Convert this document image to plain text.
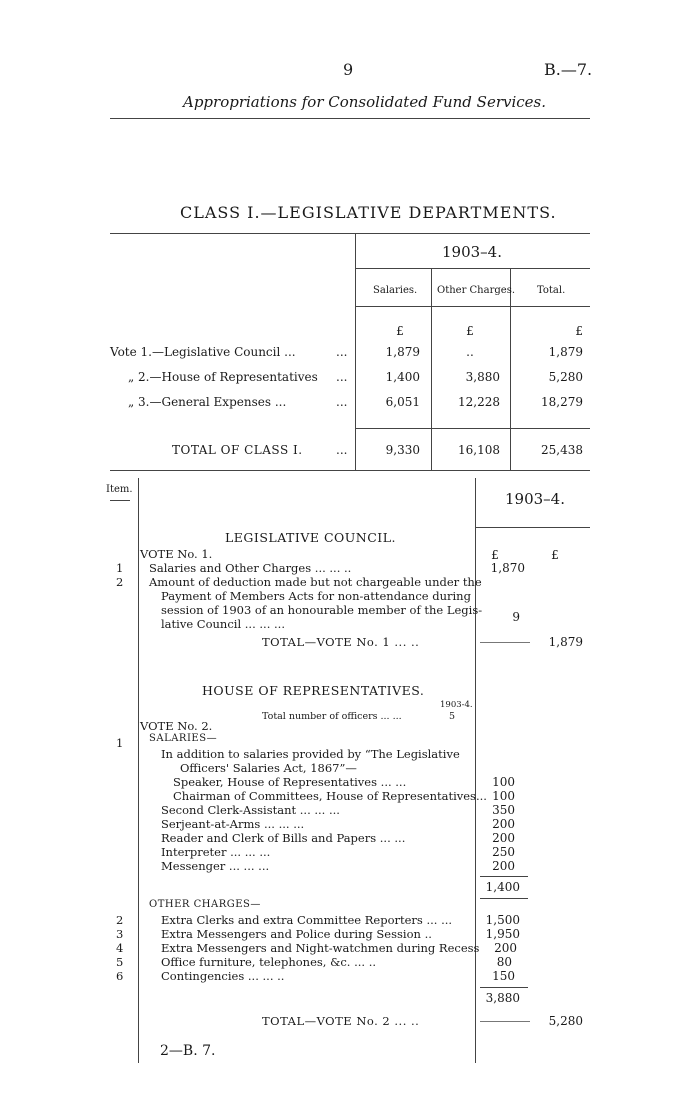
9	B.—7.
Appropriations for Consolidated Fund Services.
CLASS I.—LEGISLATIVE DEPARTMENTS.
1903–4.
Salaries. Other Charges. Total.
£	£	£
Vote 1.—Legislative Council ...	...	1,879	..	1,879
„ 2.—House of Representatives ...	1,400	3,880	5,280
„ 3.—General Expenses ...	...	6,051	12,228	18,279
TOTAL OF CLASS I.	...	9,330	16,108	25,438
Item.
1903–4.
LEGISLATIVE COUNCIL.
VOTE No. 1.	£	£
1 Salaries and Other Charges ... ... ..	1,870
2 Amount of deduction made but not chargeable under the
Payment of Members Acts for non-attendance during
session of 1903 of an honourable member of the Legis-
lative Council ... ... ...	9
TOTAL—VOTE No. 1 ... ..	1,879
HOUSE OF REPRESENTATIVES.
1903-4.
Total number of officers ... ...	5
VOTE No. 2.
SALARIES—
1
In addition to salaries provided by “The Legislative
Officers' Salaries Act, 1867”—
Speaker, House of Representatives ... ...	100
Chairman of Committees, House of Representatives... 100
Second Clerk-Assistant ... ... ...	350
Serjeant-at-Arms ... ... ...	200
Reader and Clerk of Bills and Papers ... ...	200
Interpreter ... ... ...	250
Messenger ... ... ...	200
1,400
OTHER CHARGES—
2	Extra Clerks and extra Committee Reporters ... ...	1,500
3	Extra Messengers and Police during Session ..	1,950
4	Extra Messengers and Night-watchmen during Recess	200
5	Office furniture, telephones, &c. ... ..	80
6	Contingencies ... ... ..	150
3,880
TOTAL—VOTE No. 2 ... ..	5,280
2—B. 7.
